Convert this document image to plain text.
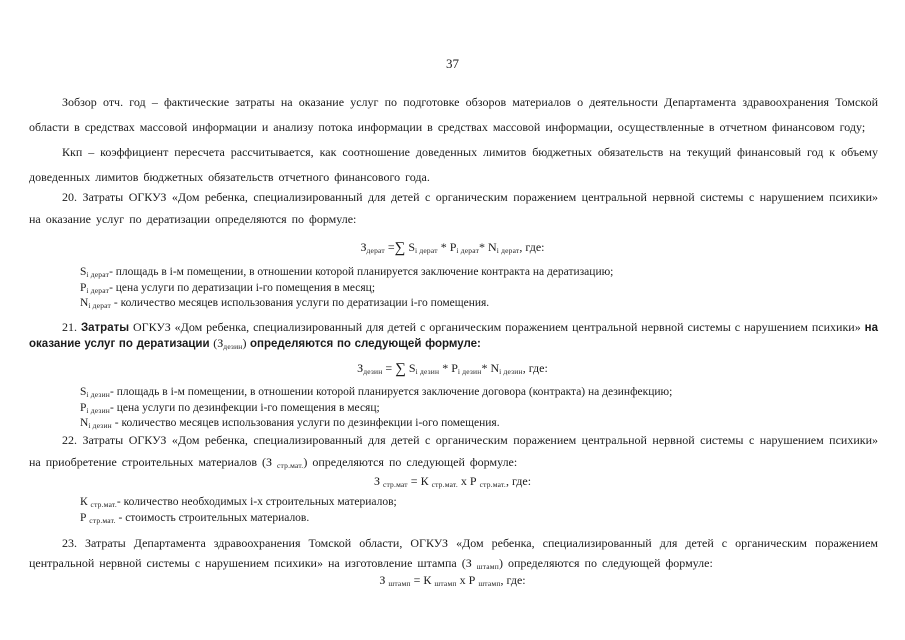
37

Зобзор отч. год – фактические затраты на оказание услуг по подготовке обзоров материалов о деятельности Департамента здравоохранения Томской области в средствах массовой информации и анализу потока информации в средствах массовой информации, осуществленные в отчетном финансовом году;

Ккп – коэффициент пересчета рассчитывается, как соотношение доведенных лимитов бюджетных обязательств на текущий финансовый год к объему доведенных лимитов бюджетных обязательств отчетного финансового года.

20. Затраты ОГКУЗ «Дом ребенка, специализированный для детей с органическим поражением центральной нервной системы с нарушением психики» на оказание услуг по дератизации определяются по формуле:

Здерат =∑ Si дерат * Pi дерат* Ni дерат, где:
Si дерат- площадь в i-м помещении, в отношении которой планируется заключение контракта на дератизацию;
Pi дерат- цена услуги по дератизации i-го помещения в месяц;
Ni дерат - количество месяцев использования услуги по дератизации i-го помещения.

21. Затраты ОГКУЗ «Дом ребенка, специализированный для детей с органическим поражением центральной нервной системы с нарушением психики» на оказание услуг по дератизации (Здезин) определяются по следующей формуле:

Здезин = ∑ Si дезин * Pi дезин* Ni дезин, где:
Si дезин- площадь в i-м помещении, в отношении которой планируется заключение договора (контракта) на дезинфекцию;
Pi дезин- цена услуги по дезинфекции i-го помещения в месяц;
Ni дезин - количество месяцев использования услуги по дезинфекции i-ого помещения.

22. Затраты ОГКУЗ «Дом ребенка, специализированный для детей с органическим поражением центральной нервной системы с нарушением психики» на приобретение строительных материалов (З стр.мат.) определяются по следующей формуле:

З стр.мат = К стр.мат. х Р стр.мат., где:
К стр.мат.- количество необходимых i-х строительных материалов;
Р стр.мат. - стоимость строительных материалов.

23. Затраты Департамента здравоохранения Томской области, ОГКУЗ «Дом ребенка, специализированный для детей с органическим поражением центральной нервной системы с нарушением психики» на изготовление штампа (З штамп) определяются по следующей формуле:

З штамп = К штамп х Р штамп, где:
